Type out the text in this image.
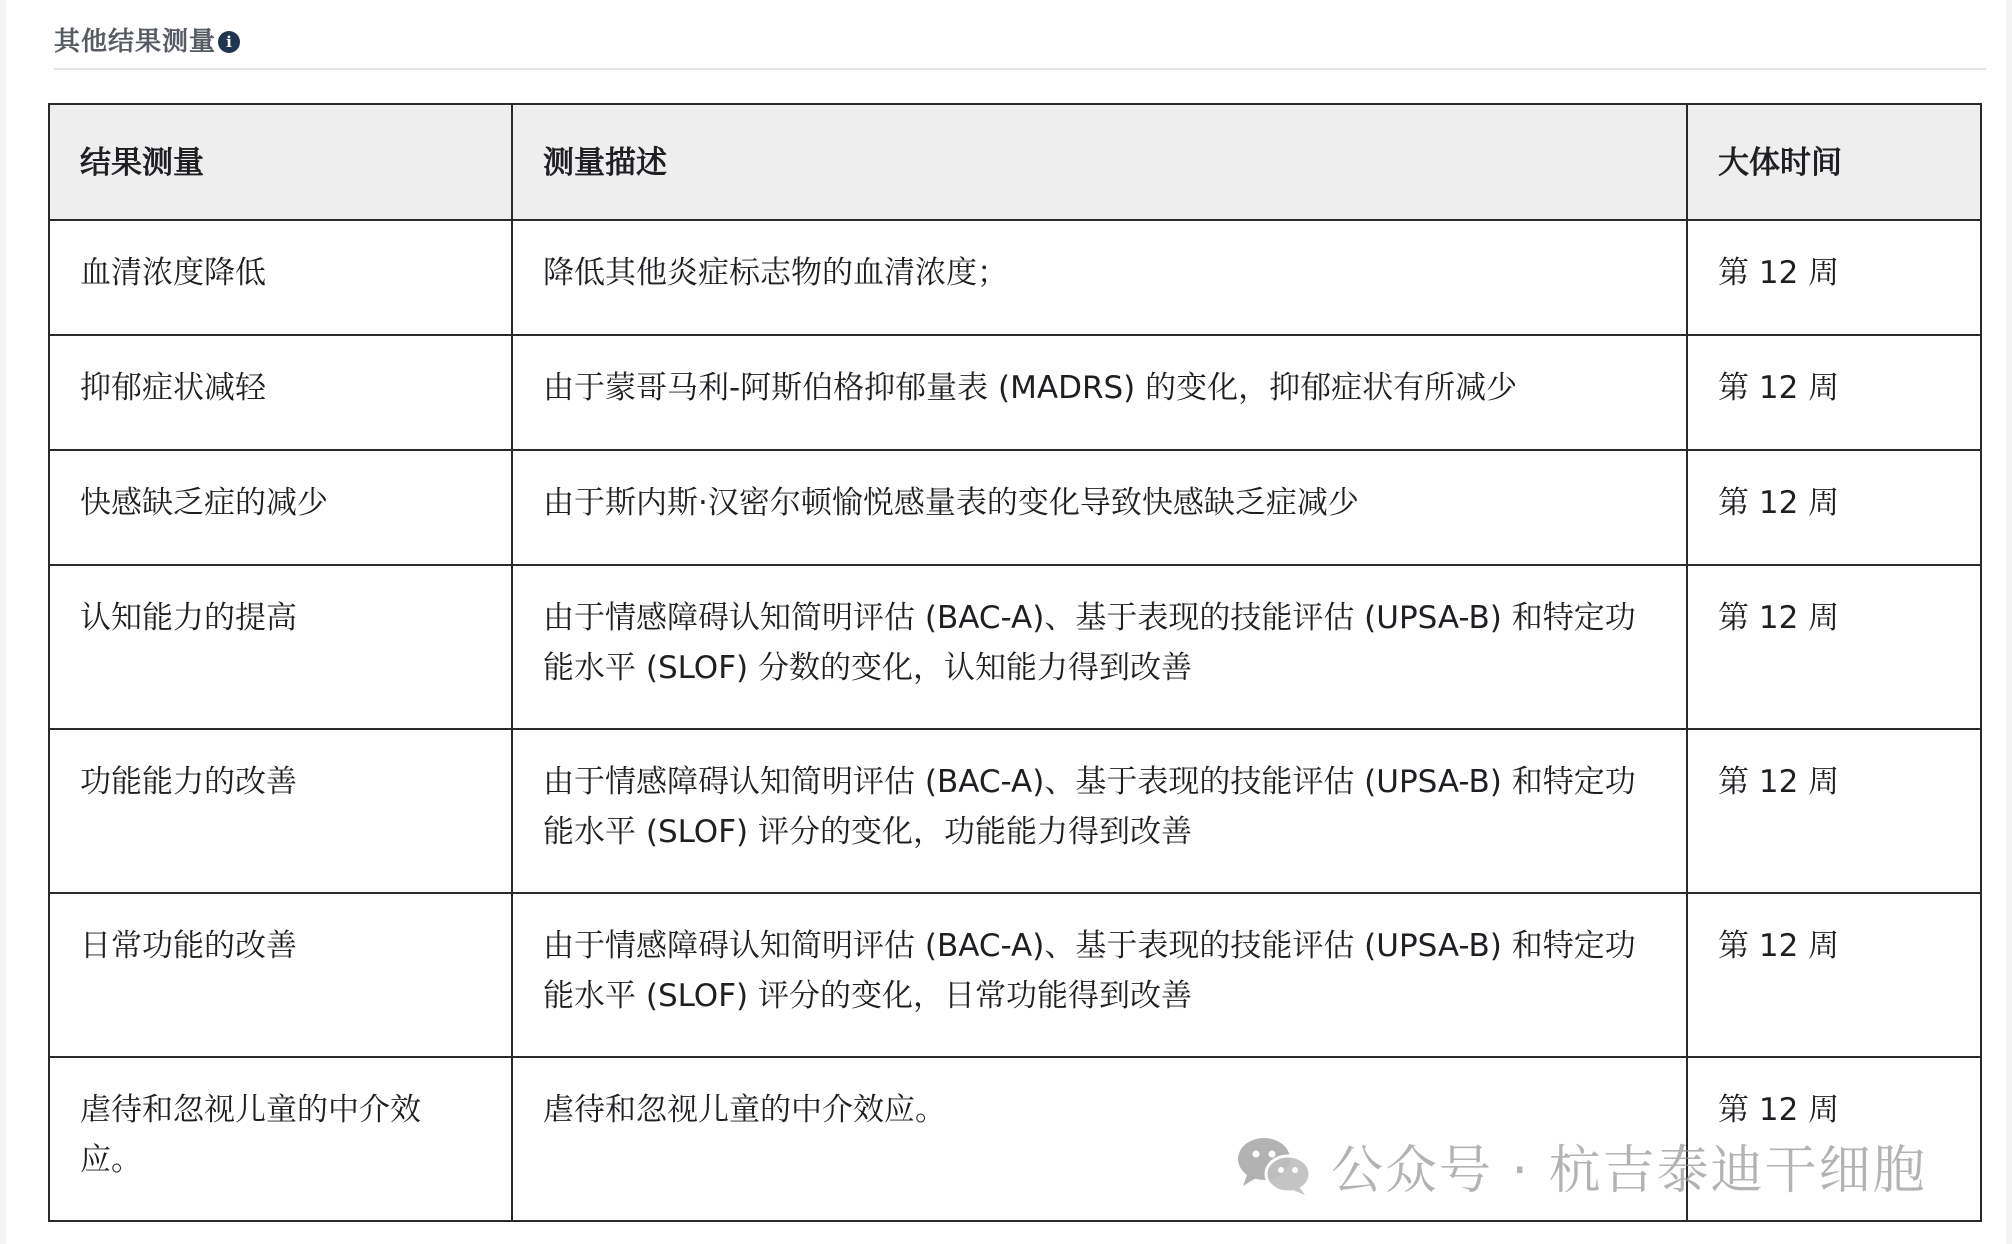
其他结果测量 i
结果测量	测量描述	大体时间
血清浓度降低	降低其他炎症标志物的血清浓度；	第 12 周
抑郁症状减轻	由于蒙哥马利-阿斯伯格抑郁量表 (MADRS) 的变化，抑郁症状有所减少	第 12 周
快感缺乏症的减少	由于斯内斯·汉密尔顿愉悦感量表的变化导致快感缺乏症减少	第 12 周
认知能力的提高	由于情感障碍认知简明评估 (BAC-A)、基于表现的技能评估 (UPSA-B) 和特定功能水平 (SLOF) 分数的变化，认知能力得到改善	第 12 周
功能能力的改善	由于情感障碍认知简明评估 (BAC-A)、基于表现的技能评估 (UPSA-B) 和特定功能水平 (SLOF) 评分的变化，功能能力得到改善	第 12 周
日常功能的改善	由于情感障碍认知简明评估 (BAC-A)、基于表现的技能评估 (UPSA-B) 和特定功能水平 (SLOF) 评分的变化，日常功能得到改善	第 12 周
虐待和忽视儿童的中介效应。	虐待和忽视儿童的中介效应。	第 12 周
公众号 · 杭吉泰迪干细胞
